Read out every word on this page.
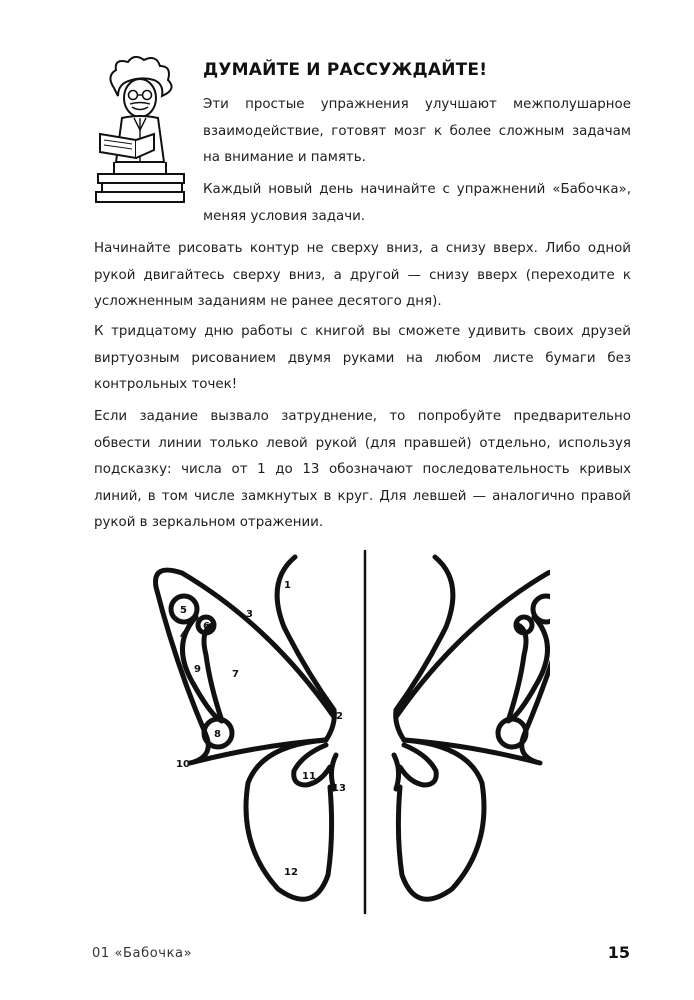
ДУМАЙТЕ И РАССУЖДАЙТЕ!

Эти простые упражнения улучшают межполушарное взаимодействие, готовят мозг к более сложным задачам на внимание и память.

Каждый новый день начинайте с упражнений «Бабочка», меняя условия задачи.

Начинайте рисовать контур не сверху вниз, а снизу вверх. Либо одной рукой двигайтесь сверху вниз, а другой — снизу вверх (переходите к усложненным заданиям не ранее десятого дня).

К тридцатому дню работы с книгой вы сможете удивить своих друзей виртуозным рисованием двумя руками на любом листе бумаги без контрольных точек!

Если задание вызвало затруднение, то попробуйте предварительно обвести линии только левой рукой (для правшей) отдельно, используя подсказку: числа от 1 до 13 обозначают последовательность кривых линий, в том числе замкнутых в круг. Для левшей — аналогично правой рукой в зеркальном отражении.

1
2
3
4
5
6
7
8
9
10
11
12
13
01 «Бабочка»	15
